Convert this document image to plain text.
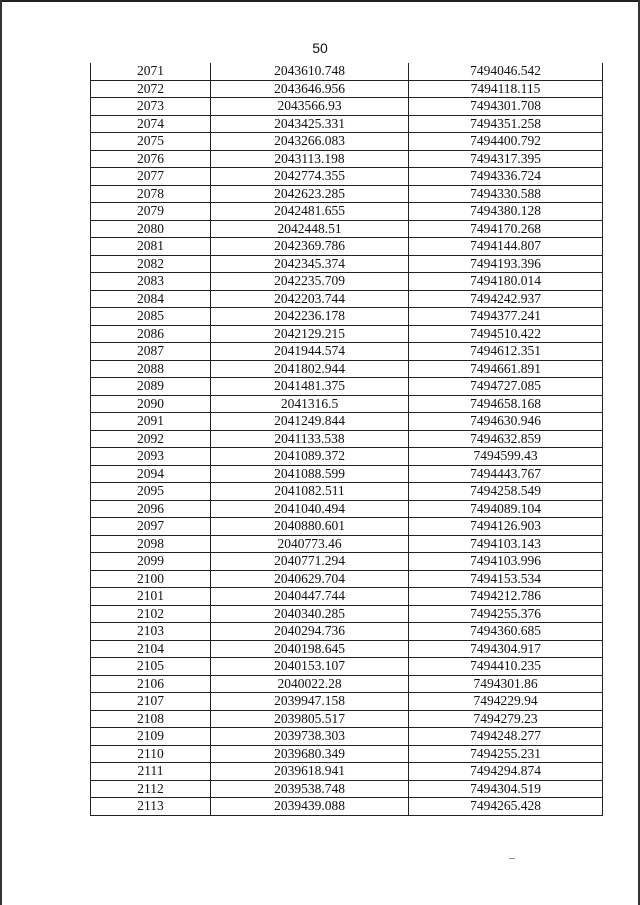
50
2071	2043610.748	7494046.542
2072	2043646.956	7494118.115
2073	2043566.93	7494301.708
2074	2043425.331	7494351.258
2075	2043266.083	7494400.792
2076	2043113.198	7494317.395
2077	2042774.355	7494336.724
2078	2042623.285	7494330.588
2079	2042481.655	7494380.128
2080	2042448.51	7494170.268
2081	2042369.786	7494144.807
2082	2042345.374	7494193.396
2083	2042235.709	7494180.014
2084	2042203.744	7494242.937
2085	2042236.178	7494377.241
2086	2042129.215	7494510.422
2087	2041944.574	7494612.351
2088	2041802.944	7494661.891
2089	2041481.375	7494727.085
2090	2041316.5	7494658.168
2091	2041249.844	7494630.946
2092	2041133.538	7494632.859
2093	2041089.372	7494599.43
2094	2041088.599	7494443.767
2095	2041082.511	7494258.549
2096	2041040.494	7494089.104
2097	2040880.601	7494126.903
2098	2040773.46	7494103.143
2099	2040771.294	7494103.996
2100	2040629.704	7494153.534
2101	2040447.744	7494212.786
2102	2040340.285	7494255.376
2103	2040294.736	7494360.685
2104	2040198.645	7494304.917
2105	2040153.107	7494410.235
2106	2040022.28	7494301.86
2107	2039947.158	7494229.94
2108	2039805.517	7494279.23
2109	2039738.303	7494248.277
2110	2039680.349	7494255.231
2111	2039618.941	7494294.874
2112	2039538.748	7494304.519
2113	2039439.088	7494265.428
